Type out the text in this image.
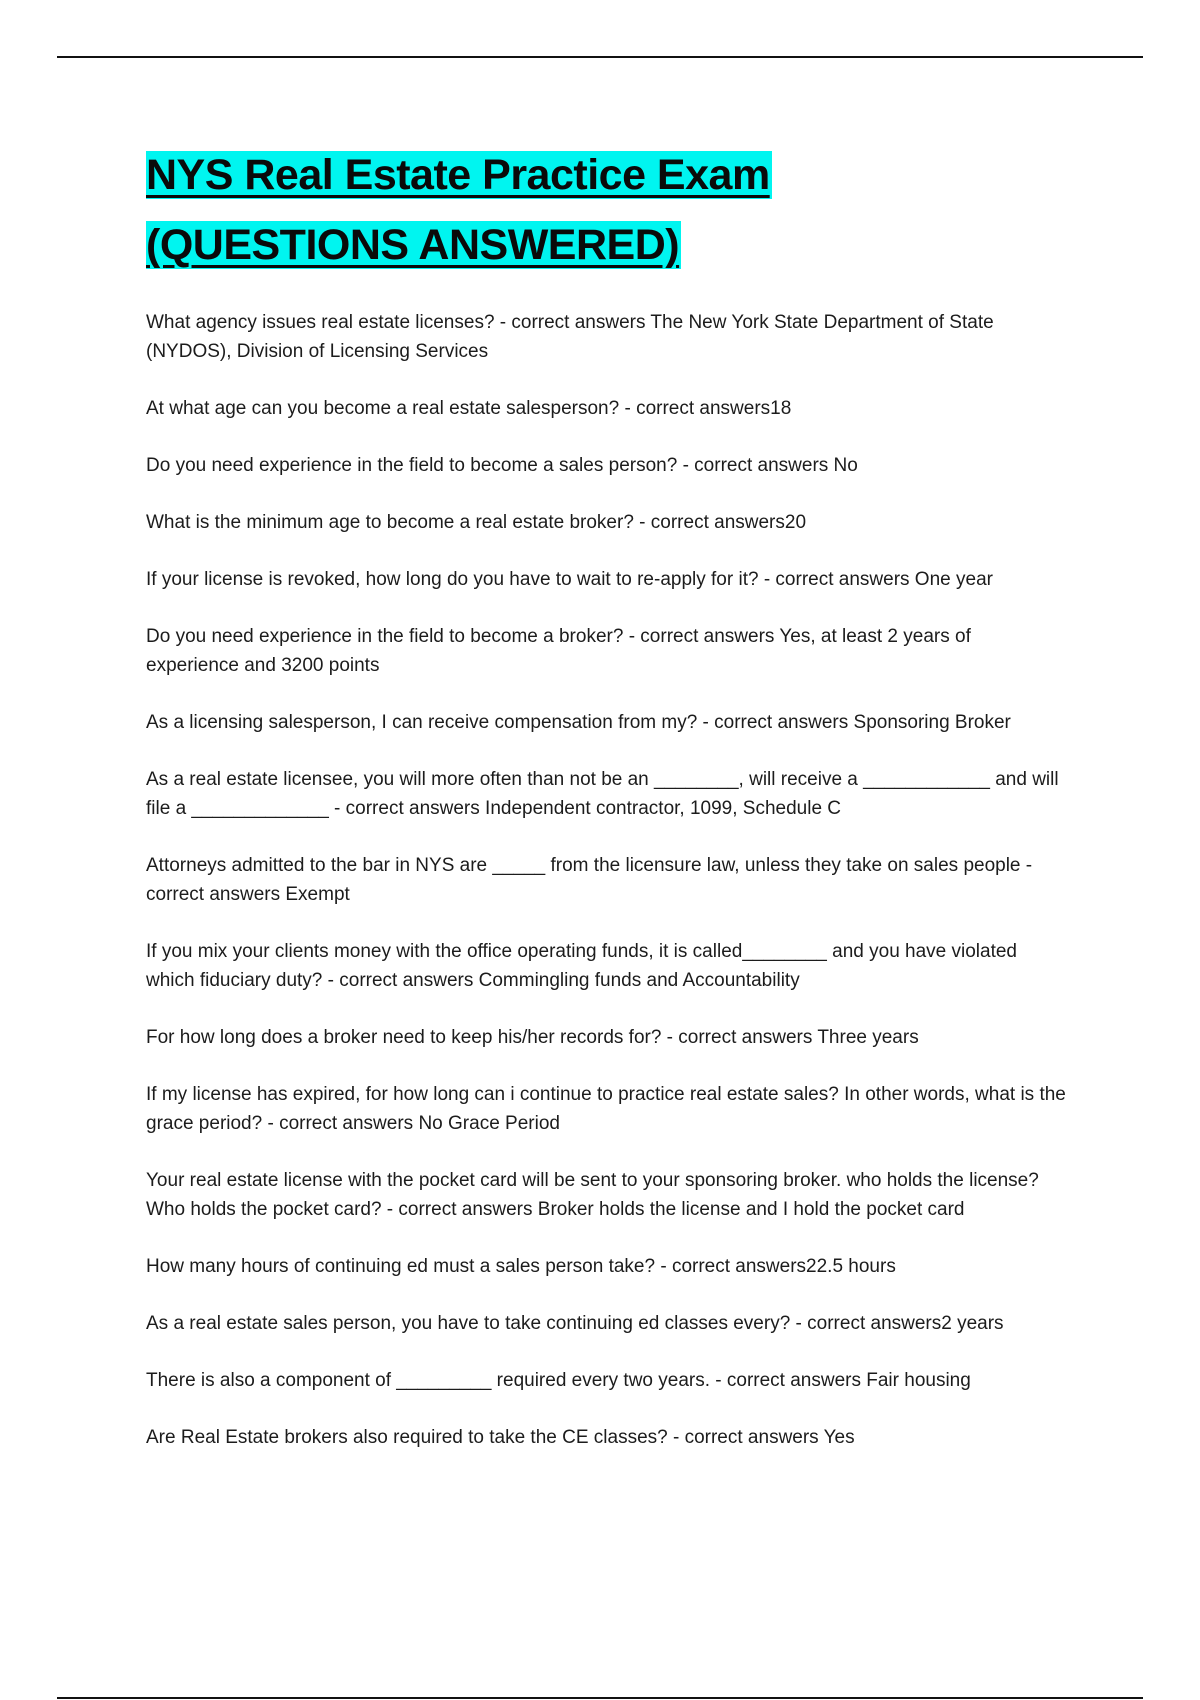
NYS Real Estate Practice Exam
(QUESTIONS ANSWERED)

What agency issues real estate licenses? - correct answers The New York State Department of State (NYDOS), Division of Licensing Services

At what age can you become a real estate salesperson? - correct answers18

Do you need experience in the field to become a sales person? - correct answers No

What is the minimum age to become a real estate broker? - correct answers20

If your license is revoked, how long do you have to wait to re-apply for it? - correct answers One year

Do you need experience in the field to become a broker? - correct answers Yes, at least 2 years of experience and 3200 points

As a licensing salesperson, I can receive compensation from my? - correct answers Sponsoring Broker

As a real estate licensee, you will more often than not be an ________, will receive a ____________ and will file a _____________ - correct answers Independent contractor, 1099, Schedule C

Attorneys admitted to the bar in NYS are _____ from the licensure law, unless they take on sales people - correct answers Exempt

If you mix your clients money with the office operating funds, it is called________ and you have violated which fiduciary duty? - correct answers Commingling funds and Accountability

For how long does a broker need to keep his/her records for? - correct answers Three years

If my license has expired, for how long can i continue to practice real estate sales? In other words, what is the grace period? - correct answers No Grace Period

Your real estate license with the pocket card will be sent to your sponsoring broker. who holds the license? Who holds the pocket card? - correct answers Broker holds the license and I hold the pocket card

How many hours of continuing ed must a sales person take? - correct answers22.5 hours

As a real estate sales person, you have to take continuing ed classes every? - correct answers2 years

There is also a component of _________ required every two years. - correct answers Fair housing

Are Real Estate brokers also required to take the CE classes? - correct answers Yes
